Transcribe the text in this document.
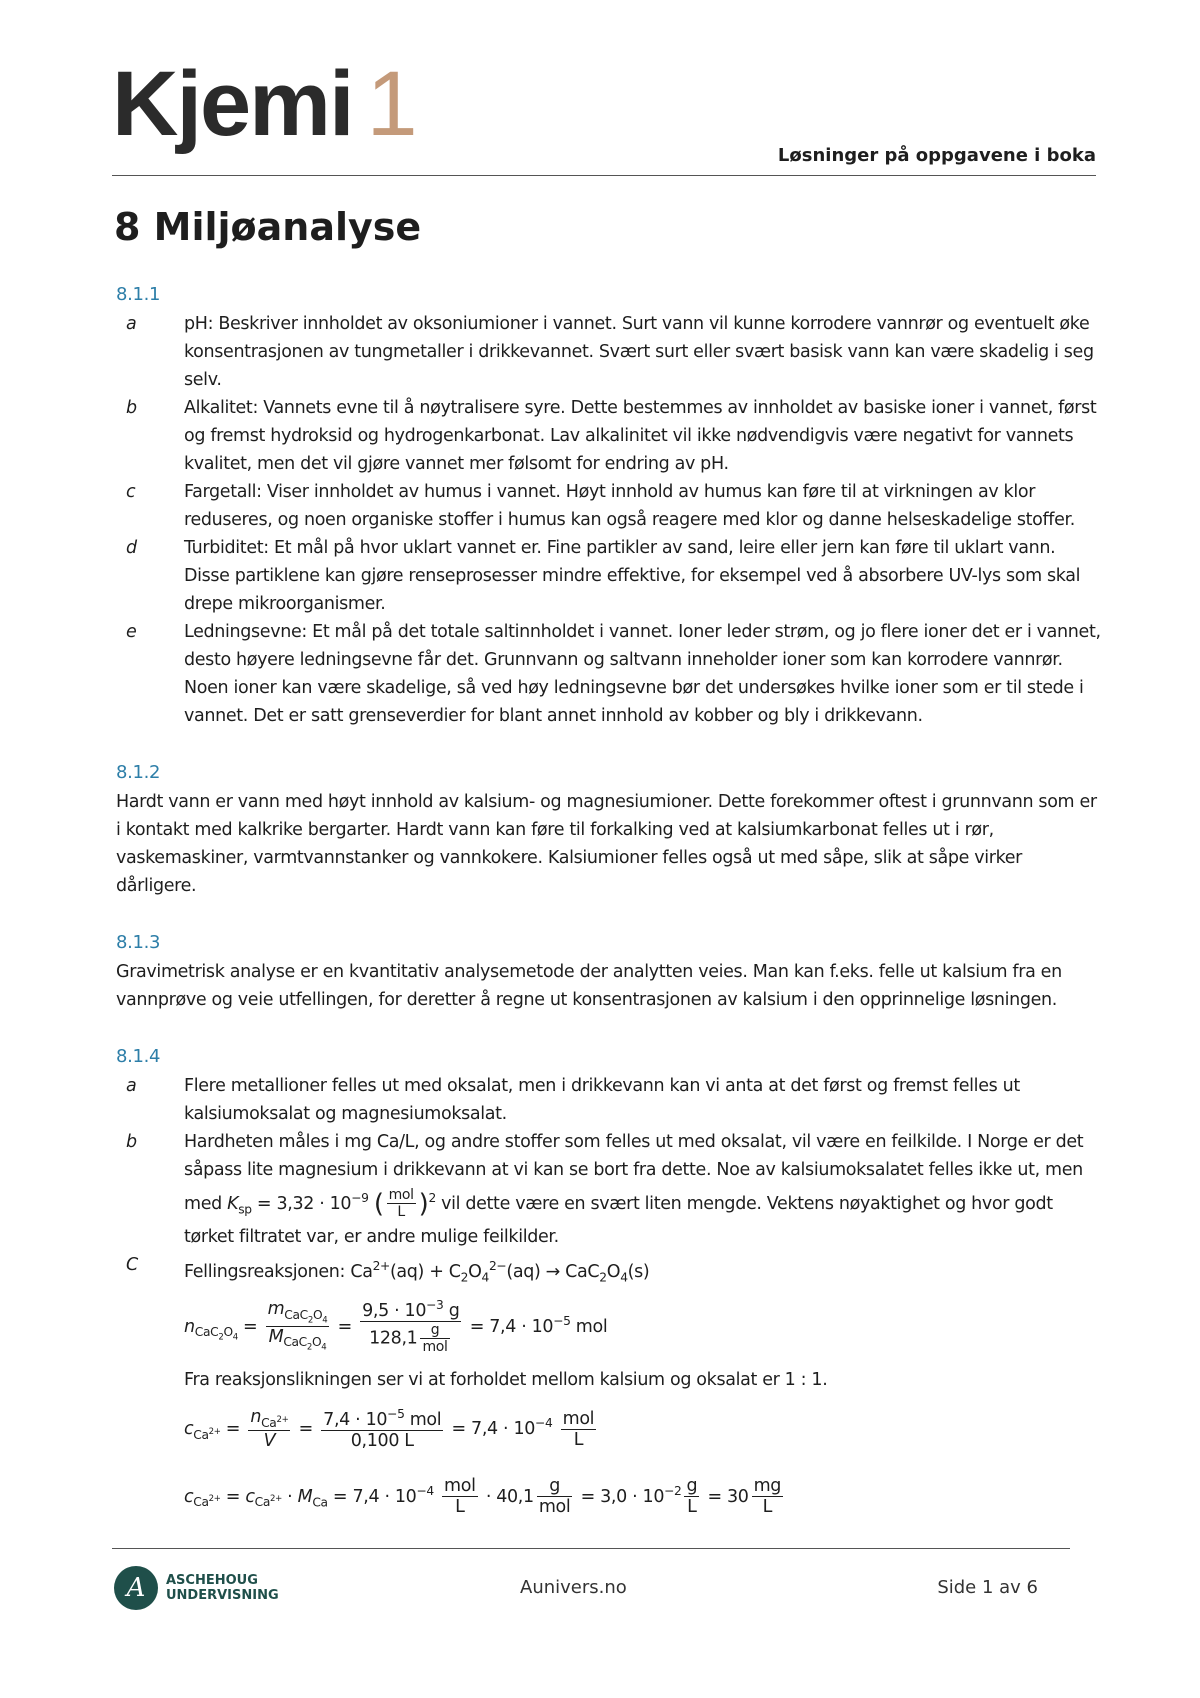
Kjemi 1
Løsninger på oppgavene i boka
8 Miljøanalyse
8.1.1
a	pH: Beskriver innholdet av oksoniumioner i vannet. Surt vann vil kunne korrodere vannrør og eventuelt øke konsentrasjonen av tungmetaller i drikkevannet. Svært surt eller svært basisk vann kan være skadelig i seg selv.
b	Alkalitet: Vannets evne til å nøytralisere syre. Dette bestemmes av innholdet av basiske ioner i vannet, først og fremst hydroksid og hydrogenkarbonat. Lav alkalinitet vil ikke nødvendigvis være negativt for vannets kvalitet, men det vil gjøre vannet mer følsomt for endring av pH.
c	Fargetall: Viser innholdet av humus i vannet. Høyt innhold av humus kan føre til at virkningen av klor reduseres, og noen organiske stoffer i humus kan også reagere med klor og danne helseskadelige stoffer.
d	Turbiditet: Et mål på hvor uklart vannet er. Fine partikler av sand, leire eller jern kan føre til uklart vann. Disse partiklene kan gjøre renseprosesser mindre effektive, for eksempel ved å absorbere UV-lys som skal drepe mikroorganismer.
e	Ledningsevne: Et mål på det totale saltinnholdet i vannet. Ioner leder strøm, og jo flere ioner det er i vannet, desto høyere ledningsevne får det. Grunnvann og saltvann inneholder ioner som kan korrodere vannrør. Noen ioner kan være skadelige, så ved høy ledningsevne bør det undersøkes hvilke ioner som er til stede i vannet. Det er satt grenseverdier for blant annet innhold av kobber og bly i drikkevann.
8.1.2
Hardt vann er vann med høyt innhold av kalsium- og magnesiumioner. Dette forekommer oftest i grunnvann som er i kontakt med kalkrike bergarter. Hardt vann kan føre til forkalking ved at kalsiumkarbonat felles ut i rør, vaskemaskiner, varmtvannstanker og vannkokere. Kalsiumioner felles også ut med såpe, slik at såpe virker dårligere.
8.1.3
Gravimetrisk analyse er en kvantitativ analysemetode der analytten veies. Man kan f.eks. felle ut kalsium fra en vannprøve og veie utfellingen, for deretter å regne ut konsentrasjonen av kalsium i den opprinnelige løsningen.
8.1.4
a	Flere metallioner felles ut med oksalat, men i drikkevann kan vi anta at det først og fremst felles ut kalsiumoksalat og magnesiumoksalat.
b	Hardheten måles i mg Ca/L, og andre stoffer som felles ut med oksalat, vil være en feilkilde. I Norge er det såpass lite magnesium i drikkevann at vi kan se bort fra dette. Noe av kalsiumoksalatet felles ikke ut, men med $K_{sp} = 3,32 \cdot 10^{-9}$ ( $\frac{\text{mol}}{L} )^2$ vil dette være en svært liten mengde. Vektens nøyaktighet og hvor godt tørket filtratet var, er andre mulige feilkilder.
C	Fellingsreaksjonen: $Ca^{2+}(aq) + C_2O_4^{2-}(aq) \to CaC_2O_4(s)$
$n_{CaC_2O_4} = \frac{m_{CaC_2O_4}}{M_{CaC_2O_4}} = \frac{9,5 \cdot 10^{-3} g}{128,1 \frac{g}{\text{mol}}} = 7,4 \cdot 10^{-5}$ mol
Fra reaksjonslikningen ser vi at forholdet mellom kalsium og oksalat er 1 : 1.
$c_{Ca^{2+}} = \frac{n_{Ca^{2+}}}{V} = \frac{7,4 \cdot 10^{-5} mol}{0,100 L} = 7,4 \cdot 10^{-4} \frac{\text{mol}}{L}$
$c_{Ca^{2+}} = c_{Ca^{2+}} \cdot M_{Ca} = 7,4 \cdot 10^{-4} \frac{\text{mol}}{L} \cdot 40,1 \frac{g}{\text{mol}} = 3,0 \cdot 10^{-2} \frac{g}{L} = 30 \frac{mg}{L}$
A	ASCHEHOUG
UNDERVISNING	Aunivers.no	Side 1 av 6
